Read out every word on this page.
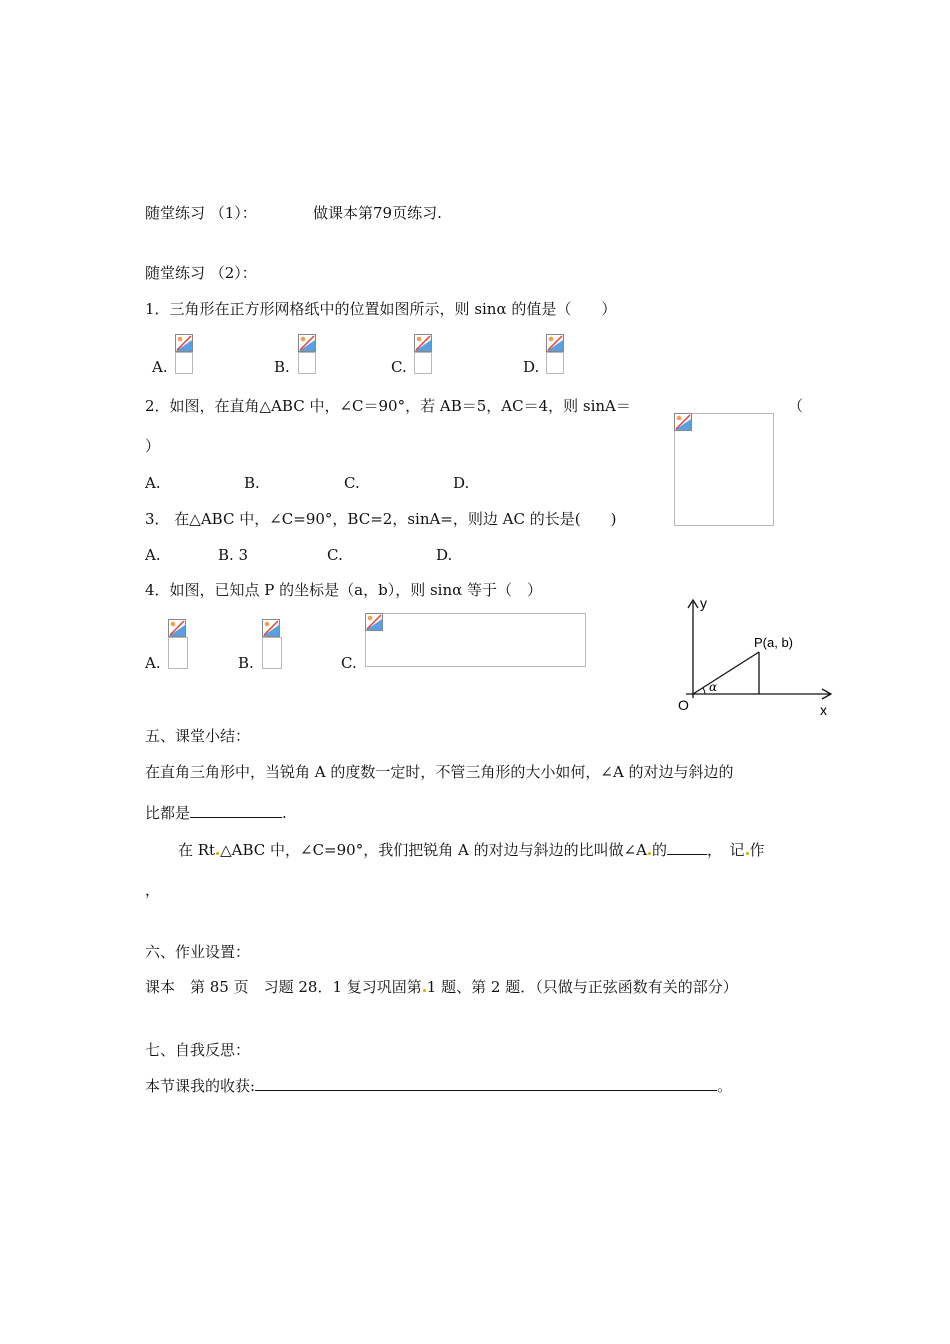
随堂练习 （1）：	做课本第79页练习.
随堂练习 （2）：
1．三角形在正方形网格纸中的位置如图所示，则 sinα 的值是（　　）
A.	B.	C.	D.
2．如图，在直角△ABC 中，∠C＝90°，若 AB＝5，AC＝4，则 sinA＝	（
）
A.	B.	C.	D.
3． 在△ABC 中，∠C=90°，BC=2，sinA=，则边 AC 的长是(　　)
A.	B. 3	C.	D.
4．如图，已知点 P 的坐标是（a，b），则 sinα 等于（　）
A.	B.	C.
y
x
O
P(a, b)
α
五、课堂小结：
在直角三角形中，当锐角 A 的度数一定时，不管三角形的大小如何，∠A 的对边与斜边的
比都是	.
在 Rt △ABC 中，∠C=90°，我们把锐角 A 的对边与斜边的比叫做∠A 的	，　记 作
，
六、作业设置：
课本　第 85 页　习题 28．1 复习巩固第 1 题、第 2 题．（只做与正弦函数有关的部分）
七、自我反思：
本节课我的收获:	。
